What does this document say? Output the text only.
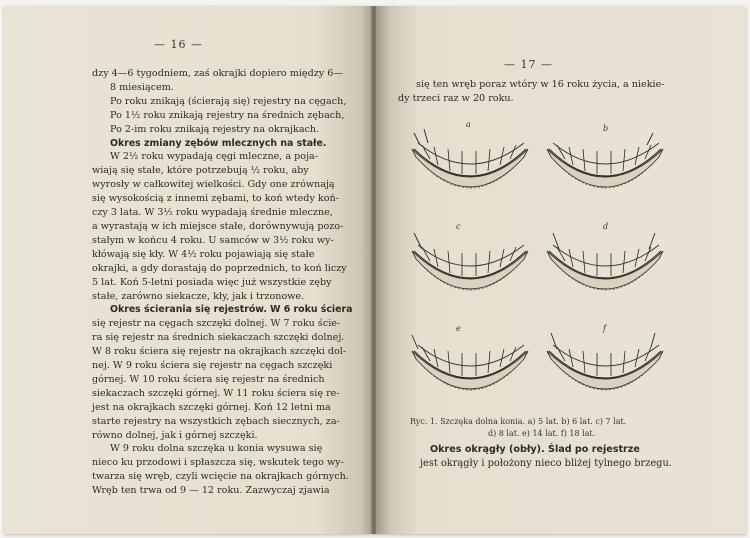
— 16 —
dzy 4—6 tygodniem, zaś okrajki dopiero między 6—
8 miesiącem.
Po roku znikają (ścierają się) rejestry na cęgach,
Po 1½ roku znikają rejestry na średnich zębach,
Po 2-im roku znikają rejestry na okrajkach.
Okres zmiany zębów mlecznych na stałe.
W 2½ roku wypadają cęgi mleczne, a poja-
wiają się stałe, które potrzebują ½ roku, aby
wyrosły w całkowitej wielkości. Gdy one zrównają
się wysokością z innemi zębami, to koń wtedy koń-
czy 3 lata. W 3½ roku wypadają średnie mleczne,
a wyrastają w ich miejsce stałe, dorównywują pozo-
stałym w końcu 4 roku. U samców w 3½ roku wy-
kłówają się kły. W 4½ roku pojawiają się stałe
okrajki, a gdy dorastają do poprzednich, to koń liczy
5 lat. Koń 5-letni posiada więc już wszystkie zęby
stałe, zarówno siekacze, kły, jak i trzonowe.
Okres ścierania się rejestrów. W 6 roku ściera
się rejestr na cęgach szczęki dolnej. W 7 roku ście-
ra się rejestr na średnich siekaczach szczęki dolnej.
W 8 roku ściera się rejestr na okrajkach szczęki dol-
nej. W 9 roku ściera się rejestr na cęgach szczęki
górnej. W 10 roku ściera się rejestr na średnich
siekaczach szczęki górnej. W 11 roku ściera się re-
jest na okrajkach szczęki górnej. Koń 12 letni ma
starte rejestry na wszystkich zębach siecznych, za-
równo dolnej, jak i górnej szczęki.
W 9 roku dolna szczęka u konia wysuwa się
nieco ku przodowi i spłaszcza się, wskutek tego wy-
twarza się wręb, czyli wcięcie na okrajkach górnych.
Wręb ten trwa od 9 — 12 roku. Zazwyczaj zjawia
— 17 —
się ten wręb poraz wtóry w 16 roku życia, a niekie-
dy trzeci raz w 20 roku.
a	b
c	d
e	f
Ryc. 1. Szczęka dolna konia. a) 5 lat. b) 6 lat. c) 7 lat.
d) 8 lat. e) 14 lat. f) 18 lat.
Okres okrągły (obły). Ślad po rejestrze
jest okrągły i położony nieco bliżej tylnego brzegu.
